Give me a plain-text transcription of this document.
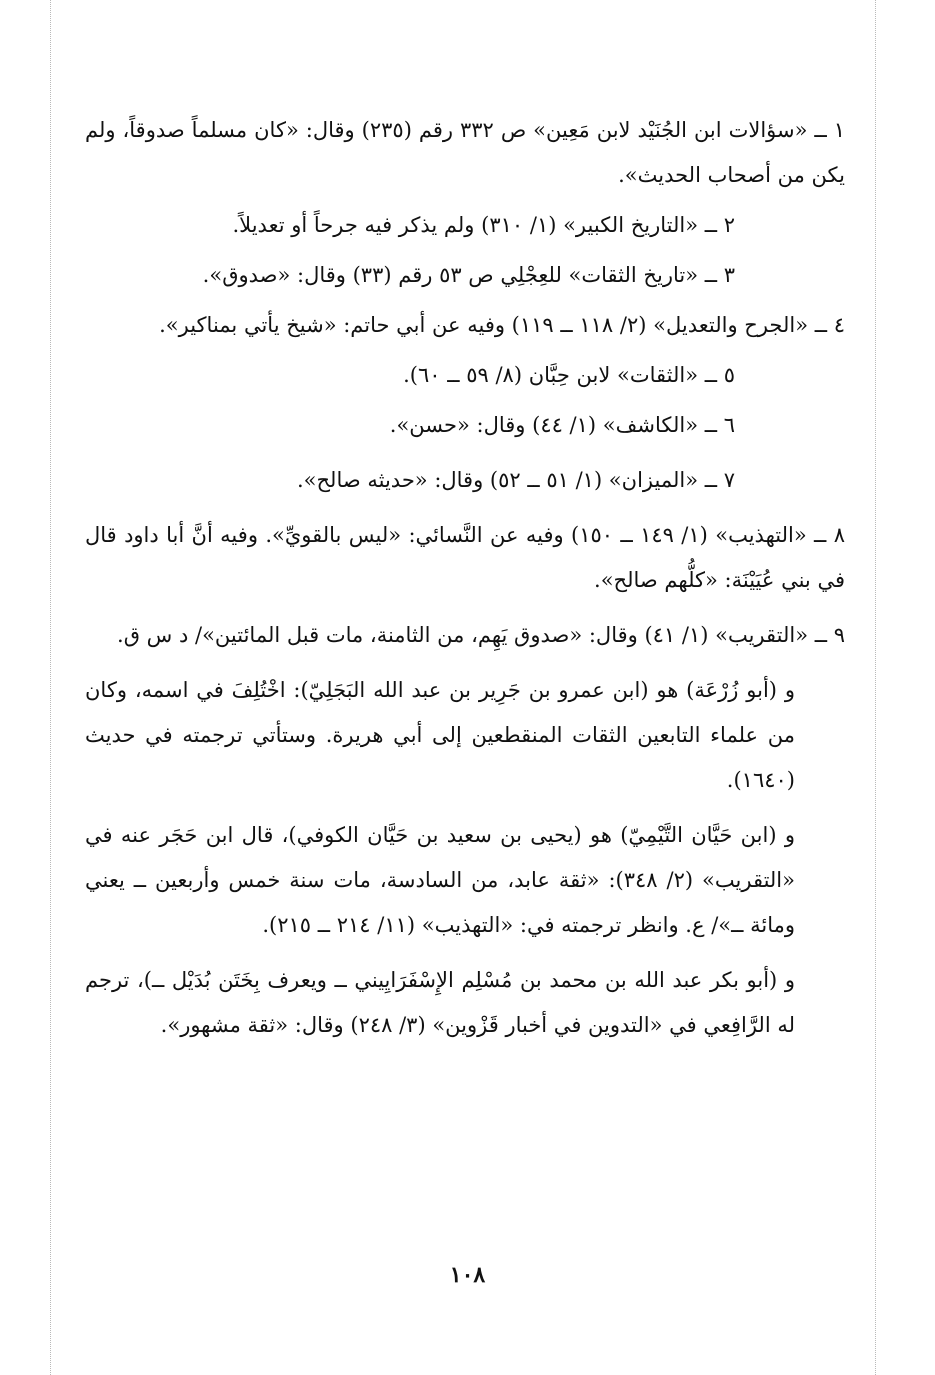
١ ــ «سؤالات ابن الجُنَيْد لابن مَعِين» ص ٣٣٢ رقم (٢٣٥) وقال: «كان مسلماً صدوقاً، ولم يكن من أصحاب الحديث».

٢ ــ «التاريخ الكبير» (١/ ٣١٠) ولم يذكر فيه جرحاً أو تعديلاً.

٣ ــ «تاريخ الثقات» للعِجْلِي ص ٥٣ رقم (٣٣) وقال: «صدوق».

٤ ــ «الجرح والتعديل» (٢/ ١١٨ ــ ١١٩) وفيه عن أبي حاتم: «شيخ يأتي بمناكير».

٥ ــ «الثقات» لابن حِبَّان (٨/ ٥٩ ــ ٦٠).

٦ ــ «الكاشف» (١/ ٤٤) وقال: «حسن».

٧ ــ «الميزان» (١/ ٥١ ــ ٥٢) وقال: «حديثه صالح».

٨ ــ «التهذيب» (١/ ١٤٩ ــ ١٥٠) وفيه عن النَّسائي: «ليس بالقويِّ». وفيه أنَّ أبا داود قال في بني عُيَيْنَة: «كلُّهم صالح».

٩ ــ «التقريب» (١/ ٤١) وقال: «صدوق يَهِم، من الثامنة، مات قبل المائتين»/ د س ق.

و (أبو زُرْعَة) هو (ابن عمرو بن جَرِير بن عبد الله البَجَلِيّ): اخْتُلِفَ في اسمه، وكان من علماء التابعين الثقات المنقطعين إلى أبي هريرة. وستأتي ترجمته في حديث (١٦٤٠).

و (ابن حَيَّان التَّيْمِيّ) هو (يحيى بن سعيد بن حَيَّان الكوفي)، قال ابن حَجَر عنه في «التقريب» (٢/ ٣٤٨): «ثقة عابد، من السادسة، مات سنة خمس وأربعين ــ يعني ومائة ــ»/ ع. وانظر ترجمته في: «التهذيب» (١١/ ٢١٤ ــ ٢١٥).

و (أبو بكر عبد الله بن محمد بن مُسْلِم الإِسْفَرَايِيني ــ ويعرف بِخَتَن بُدَيْل ــ)، ترجم له الرَّافِعي في «التدوين في أخبار قَزْوين» (٣/ ٢٤٨) وقال: «ثقة مشهور».

١٠٨
